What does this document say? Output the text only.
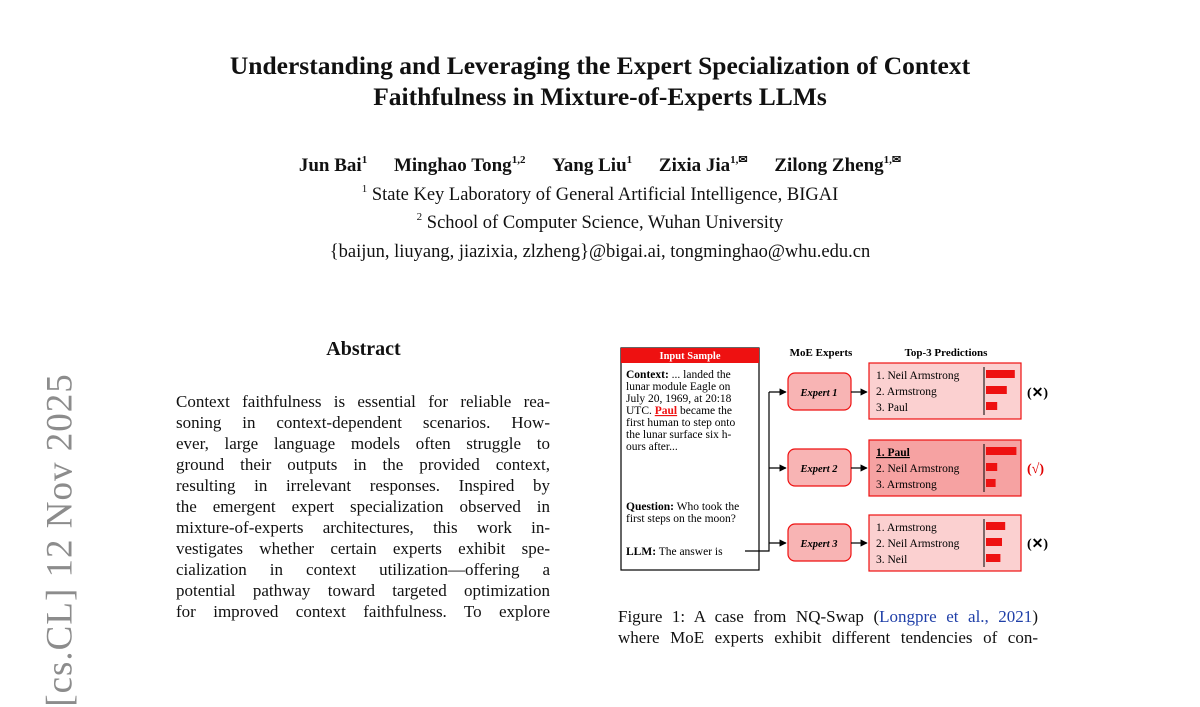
[cs.CL] 12 Nov 2025
Understanding and Leveraging the Expert Specialization of Context
Faithfulness in Mixture-of-Experts LLMs
Jun Bai$^1$ Minghao Tong$^{1,2}$ Yang Liu$^1$ Zixia Jia$^{1,✉}$ Zilong Zheng$^{1,✉}$
$^1$ State Key Laboratory of General Artificial Intelligence, BIGAI
$^2$ School of Computer Science, Wuhan University
{baijun, liuyang, jiazixia, zlzheng}@bigai.ai, tongminghao@whu.edu.cn
Abstract
Context faithfulness is essential for reliable rea-
soning in context-dependent scenarios. How-
ever, large language models often struggle to
ground their outputs in the provided context,
resulting in irrelevant responses. Inspired by
the emergent expert specialization observed in
mixture-of-experts architectures, this work in-
vestigates whether certain experts exhibit spe-
cialization in context utilization—offering a
potential pathway toward targeted optimization
for improved context faithfulness. To explore
Input Sample
Context: ... landed the
lunar module Eagle on
July 20, 1969, at 20:18
UTC. Paul became the
first human to step onto
the lunar surface six h-
ours after...
Question: Who took the
first steps on the moon?
LLM: The answer is
MoE Experts	Top-3 Predictions
Expert 1
1. Neil Armstrong
2. Armstrong
3. Paul
(✕)
Expert 2
1. Paul
2. Neil Armstrong
3. Armstrong
(√)
Expert 3
1. Armstrong
2. Neil Armstrong
3. Neil
(✕)
Figure 1: A case from NQ-Swap (Longpre et al., 2021)
where MoE experts exhibit different tendencies of con-
